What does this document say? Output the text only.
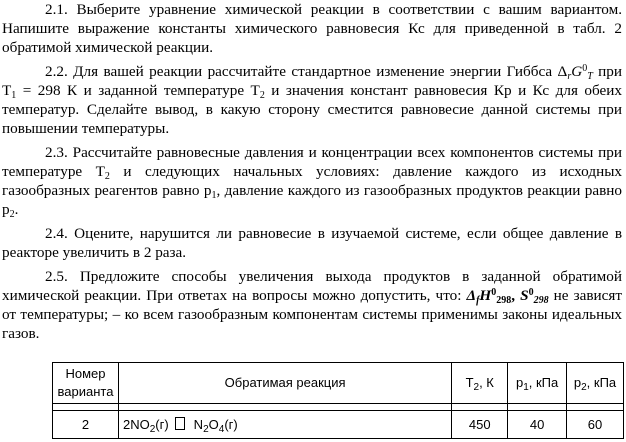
2.1. Выберите уравнение химической реакции в соответствии с вашим вариантом. Напишите выражение константы химического равновесия Кс для приведенной в табл. 2 обратимой химической реакции.

2.2. Для вашей реакции рассчитайте стандартное изменение энергии Гиббса $\Delta_rG^0_T$ при $T_1 = 298$ К и заданной температуре $T_2$ и значения констант равновесия Кр и Кс для обеих температур. Сделайте вывод, в какую сторону сместится равновесие данной системы при повышении температуры.

2.3. Рассчитайте равновесные давления и концентрации всех компонентов системы при температуре $T_2$ и следующих начальных условиях: давление каждого из исходных газообразных реагентов равно $р_1$, давление каждого из газообразных продуктов реакции равно $р_2$.

2.4. Оцените, нарушится ли равновесие в изучаемой системе, если общее давление в реакторе увеличить в 2 раза.

2.5. Предложите способы увеличения выхода продуктов в заданной обратимой химической реакции. При ответах на вопросы можно допустить, что: $\Delta_fH^0_{298}$, $S^0_{298}$ не зависят от температуры; – ко всем газообразным компонентам системы применимы законы идеальных газов.

Номер варианта	Обратимая реакция	$T_2$, К	$p_1$, кПа	$p_2$, кПа

2	$2NO_2(г)$ $N_2O_4(г)$	450	40	60
